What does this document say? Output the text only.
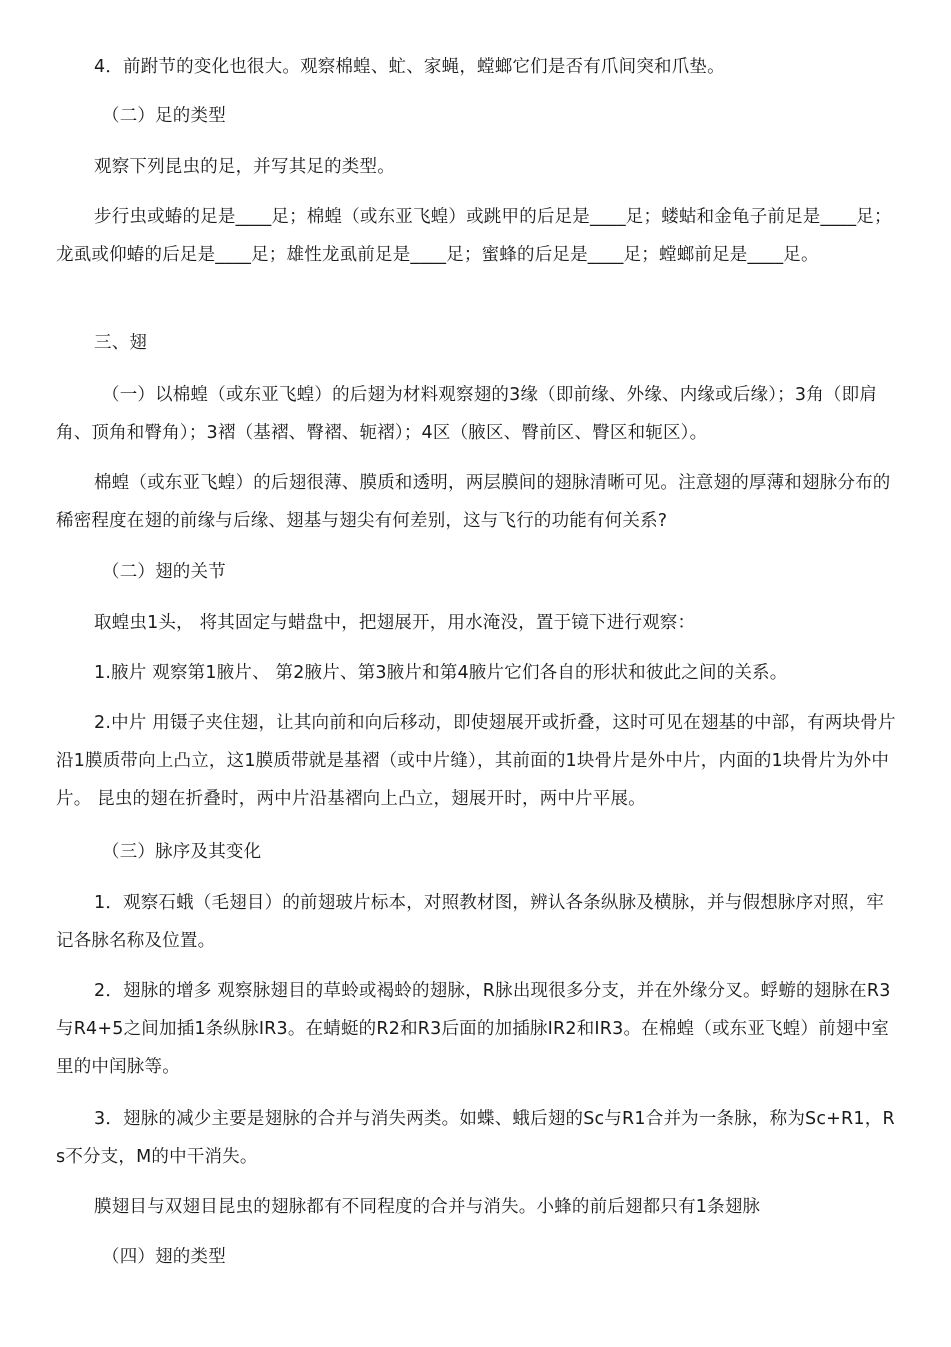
4．前跗节的变化也很大。观察棉蝗、虻、家蝇，螳螂它们是否有爪间突和爪垫。

（二）足的类型

观察下列昆虫的足，并写其足的类型。

步行虫或蝽的足是____足；棉蝗（或东亚飞蝗）或跳甲的后足是____足；蝼蛄和金龟子前足是____足；龙虱或仰蝽的后足是____足；雄性龙虱前足是____足；蜜蜂的后足是____足；螳螂前足是____足。

三、翅

（一）以棉蝗（或东亚飞蝗）的后翅为材料观察翅的3缘（即前缘、外缘、内缘或后缘）；3角（即肩角、顶角和臀角）；3褶（基褶、臀褶、轭褶）；4区（腋区、臀前区、臀区和轭区）。

棉蝗（或东亚飞蝗）的后翅很薄、膜质和透明，两层膜间的翅脉清晰可见。注意翅的厚薄和翅脉分布的稀密程度在翅的前缘与后缘、翅基与翅尖有何差别，这与飞行的功能有何关系?

（二）翅的关节

取蝗虫1头， 将其固定与蜡盘中，把翅展开，用水淹没，置于镜下进行观察：

1.腋片 观察第1腋片、 第2腋片、第3腋片和第4腋片它们各自的形状和彼此之间的关系。

2.中片 用镊子夹住翅，让其向前和向后移动，即使翅展开或折叠，这时可见在翅基的中部，有两块骨片沿1膜质带向上凸立，这1膜质带就是基褶（或中片缝），其前面的1块骨片是外中片，内面的1块骨片为外中片。 昆虫的翅在折叠时，两中片沿基褶向上凸立，翅展开时，两中片平展。

（三）脉序及其变化

1．观察石蛾（毛翅目）的前翅玻片标本，对照教材图，辨认各条纵脉及横脉，并与假想脉序对照，牢记各脉名称及位置。

2．翅脉的增多 观察脉翅目的草蛉或褐蛉的翅脉，R脉出现很多分支，并在外缘分叉。蜉蝣的翅脉在R3与R4+5之间加插1条纵脉IR3。在蜻蜓的R2和R3后面的加插脉IR2和IR3。在棉蝗（或东亚飞蝗）前翅中室里的中闰脉等。

3．翅脉的减少主要是翅脉的合并与消失两类。如蝶、蛾后翅的Sc与R1合并为一条脉，称为Sc+R1，Rs不分支，M的中干消失。

膜翅目与双翅目昆虫的翅脉都有不同程度的合并与消失。小蜂的前后翅都只有1条翅脉

（四）翅的类型
